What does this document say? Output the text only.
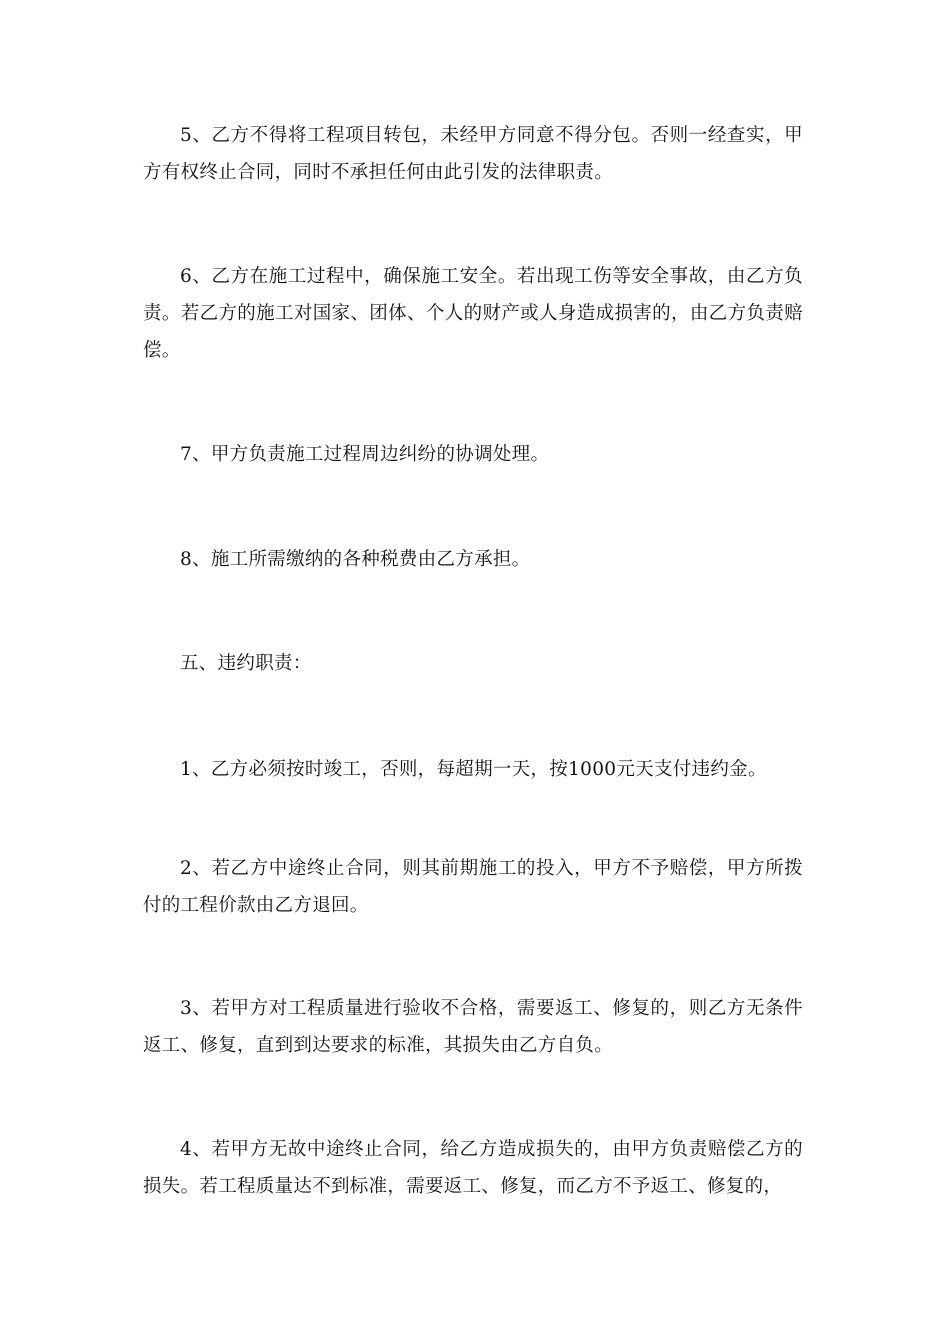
5、乙方不得将工程项目转包，未经甲方同意不得分包。否则一经查实，甲方有权终止合同，同时不承担任何由此引发的法律职责。

6、乙方在施工过程中，确保施工安全。若出现工伤等安全事故，由乙方负责。若乙方的施工对国家、团体、个人的财产或人身造成损害的，由乙方负责赔偿。

7、甲方负责施工过程周边纠纷的协调处理。

8、施工所需缴纳的各种税费由乙方承担。

五、违约职责：

1、乙方必须按时竣工，否则，每超期一天，按1000元天支付违约金。

2、若乙方中途终止合同，则其前期施工的投入，甲方不予赔偿，甲方所拨付的工程价款由乙方退回。

3、若甲方对工程质量进行验收不合格，需要返工、修复的，则乙方无条件返工、修复，直到到达要求的标准，其损失由乙方自负。

4、若甲方无故中途终止合同，给乙方造成损失的，由甲方负责赔偿乙方的损失。若工程质量达不到标准，需要返工、修复，而乙方不予返工、修复的，
